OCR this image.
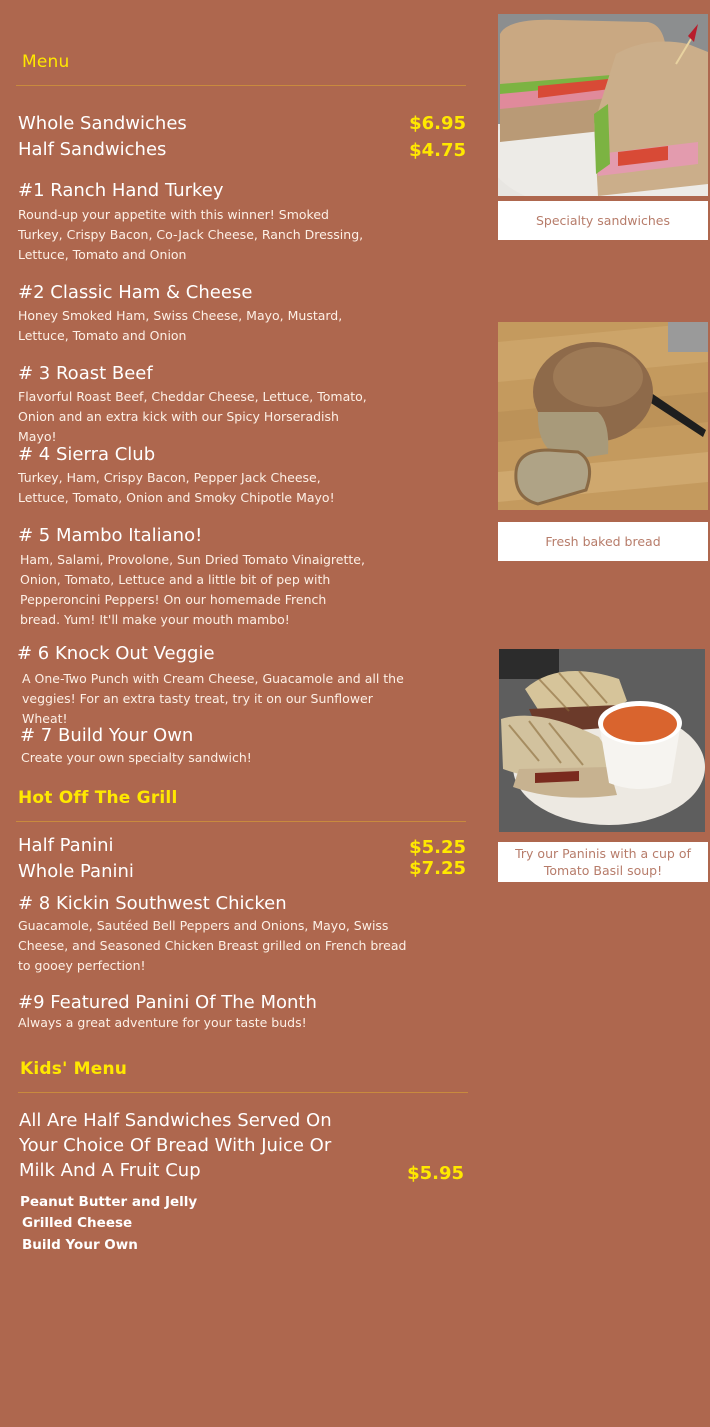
Menu
Whole Sandwiches	$6.95
Half Sandwiches	$4.75
#1 Ranch Hand Turkey
Round-up your appetite with this winner! Smoked Turkey, Crispy Bacon, Co-Jack Cheese, Ranch Dressing, Lettuce, Tomato and Onion
#2 Classic Ham & Cheese
Honey Smoked Ham, Swiss Cheese, Mayo, Mustard, Lettuce, Tomato and Onion
# 3 Roast Beef
Flavorful Roast Beef, Cheddar Cheese, Lettuce, Tomato, Onion and an extra kick with our Spicy Horseradish Mayo!
# 4 Sierra Club
Turkey, Ham, Crispy Bacon, Pepper Jack Cheese, Lettuce, Tomato, Onion and Smoky Chipotle Mayo!
# 5 Mambo Italiano!
Ham, Salami, Provolone, Sun Dried Tomato Vinaigrette, Onion, Tomato, Lettuce and a little bit of pep with Pepperoncini Peppers! On our homemade French bread. Yum! It'll make your mouth mambo!
# 6 Knock Out Veggie
A One-Two Punch with Cream Cheese, Guacamole and all the veggies! For an extra tasty treat, try it on our Sunflower Wheat!
# 7 Build Your Own
Create your own specialty sandwich!
Hot Off The Grill
Half Panini	$5.25
Whole Panini	$7.25
# 8 Kickin Southwest Chicken
Guacamole, Sautéed Bell Peppers and Onions, Mayo, Swiss Cheese, and Seasoned Chicken Breast grilled on French bread to gooey perfection!
#9 Featured Panini Of The Month
Always a great adventure for your taste buds!
Kids' Menu
All Are Half Sandwiches Served On Your Choice Of Bread With Juice Or Milk And A Fruit Cup	$5.95
Peanut Butter and Jelly
Grilled Cheese
Build Your Own
Specialty sandwiches
Fresh baked bread
Try our Paninis with a cup of Tomato Basil soup!
